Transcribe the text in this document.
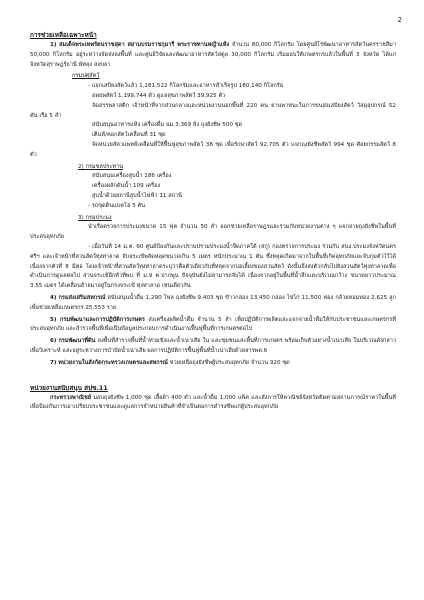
2
การช่วยเหลือเฉพาะหน้า

1) สมเด็จพระเทพรัตนราชสุดา สยามบรมราชกุมารี พระราชทานหญ้าแห้ง จำนวน 80,000 กิโลกรัม โดยศูนย์ไร่พัฒนาอาหารสัตว์นครราชสีมา 50,000 กิโลกรัม อยู่ระหว่างจัดส่งลงพื้นที่ และศูนย์วิจัยและพัฒนาอาหารสัตว์สตูล 30,000 กิโลกรัม เริ่มมอบให้เกษตรกรแล้วในพื้นที่ 3 จังหวัด ได้แก่ จังหวัดสุราษฎร์ธานี พัทลุง สงขลา

กรมปศุสัตว์

- แจกเสบียงสัตว์แล้ว 1,281,522 กิโลกรัมและอาหารสำเร็จรูป 180,140 กิโลกรัม

อพยพสัตว์ 1,199,744 ตัว ดูแลสุขภาพสัตว์ 39,925 ตัว

จัดสรรพลาสติก เจ้าหน้าที่จากส่วนกลางและหน่วยงานนอกพื้นที่ 220 คน ยานพาหนะในการขนส่งเสบียงสัตว์ วัสดุอุปกรณ์ 52 คัน เรือ 5 ลำ

สนับสนุนอาหารแห้ง เครื่องดื่ม นม 3,369 ลิ่ง ถุงยังชีพ 500 ชุด

เต็นท์/คอกสัตว์เคลื่อนที่ 31 ชุด

จัดหน่วยสัตวแพทย์เคลื่อนที่ให้ฟื้นฟูสุขภาพสัตว์ 38 ชุด เพื่อรักษาสัตว์ 92,705 ตัว แจกถุงยังชีพสัตว์ 994 ชุด ศัลยกรรมสัตว์ 8 ตัว

2) กรมชลประทาน

สนับสนุนเครื่องสูบน้ำ 186 เครื่อง

เครื่องผลักดันน้ำ 109 เครื่อง

สูบน้ำด้วยสถานีสูบน้ำไฟฟ้า 11 สถานี

- รถขุดดินแบคโฮ 5 คัน

3) กรมประมง

นำเรือตรวจการประมงขนาด 15 ฟุต จำนวน 50 ลำ ออกช่วยเหลือราษฎรและร่วมกับหน่วยงานต่าง ๆ แจกจ่ายถุงยังชีพในพื้นที่ประสบอุทกภัย

- เมื่อวันที่ 14 ม.ค. 60 ศูนย์ป้องกันและปราบปรามประมงน้ำจืดภาคใต้ (สกู) กองตรวจการประมง ร่วมกับ สนง.ประมงจังหวัดนครศรีฯ และเจ้าหน้าที่สวนสัตว์ทุ่งท่าลาด จับจระเข้พลัดหลุดขนาดเกิน 5 เมตร หนักประมาณ 1 ตัน ซึ่งหลุดเกิดมาจากในพื้นที่เกิดอุทกภัยและจับกุมตัวไว้ได้เนื่องจากตัวที่ 8 มีค่อ โดยเจ้าหน้าที่สวนสัตว์ทุ่งท่าลาดระบุว่าคือตัวเดียวกับที่หลุดจากบ่อเลี้ยงของสวนสัตว์ ดังนั้นจึงส่งตัวกลับไปยังสวนสัตว์ทุ่งท่าลาดเพื่อดำเนินการดูแลต่อไป ส่วนจระเข้อีกตัวที่พบ ที่ ม.9 ต.ปากพูน ปัจจุบันยังไม่สามารถจับได้ เนื่องจากอยู่ในพื้นที่น้ำลึกและบริเวณกว้าง ขนาดยาวประมาณ 3.55 เมตร ได้เคลื่อนย้ายมาอยู่ในกรงจระเข้ ทุ่งท่าลาด เช่นเดียวกัน

4) กรมส่งเสริมสหกรณ์ สนับสนุนน้ำดื่ม 1,290 โหล ถุงยังชีพ 9,403 ชุด ข้าวกล่อง 13,450 กล่อง ไข่ไก่ 11,500 ฟอง กล้วยหอมทอง 2,625 ลูก เพื่อช่วยเหลือเกษตรกร 25,553 ราย

5) กรมพัฒนาและการปฏิบัติการเกษตร ส่งเครื่องผลิตน้ำดื่ม จำนวน 5 ลำ เพื่อปฏิบัติการผลิตและแจกจ่ายน้ำดื่มให้กับประชาชนและเกษตรกรที่ประสบอุทกภัย และสำรวจพื้นที่เพื่อเป็นข้อมูลประกอบการดำเนินงานฟื้นฟูพื้นที่การเกษตรต่อไป

6) กรมพัฒนาที่ดิน ลงพื้นที่สำรวจพื้นที่น้ำท่วมขังและน้ำเน่าเสีย ใน และชุมชนและพื้นที่การเกษตร พร้อมเก็บตัวอย่างน้ำเน่าเสีย ในบริเวณดังกล่าวเพื่อวิเคราะห์ และอยู่ระหว่างการบำบัดน้ำเน่าเสีย ผลการปฏิบัติการฟื้นฟูพื้นที่น้ำเน่าเสียด้วยสารพด.6

7) หน่วยงานในสังกัดกระทรวงเกษตรและสหกรณ์ ช่วยเหลือถุงยังชีพผู้ประสบอุทกภัย จำนวน 920 ชุด

หน่วยงานสนับสนุน สปข.11

กระทรวงพาณิชย์ มอบถุงยังชีพ 1,000 ชุด เสื้อผ้า 400 ตัว และน้ำดื่ม 1,000 แพ็ค และสั่งการให้พาณิชย์จังหวัดติดตามสถานการณ์ราคาในพื้นที่เพื่อป้องกันการเอาเปรียบประชาชนและดูแลการจำหน่ายสินค้าที่จำเป็นต่อการดำรงชีพแก่ผู้ประสบอุทกภัย
